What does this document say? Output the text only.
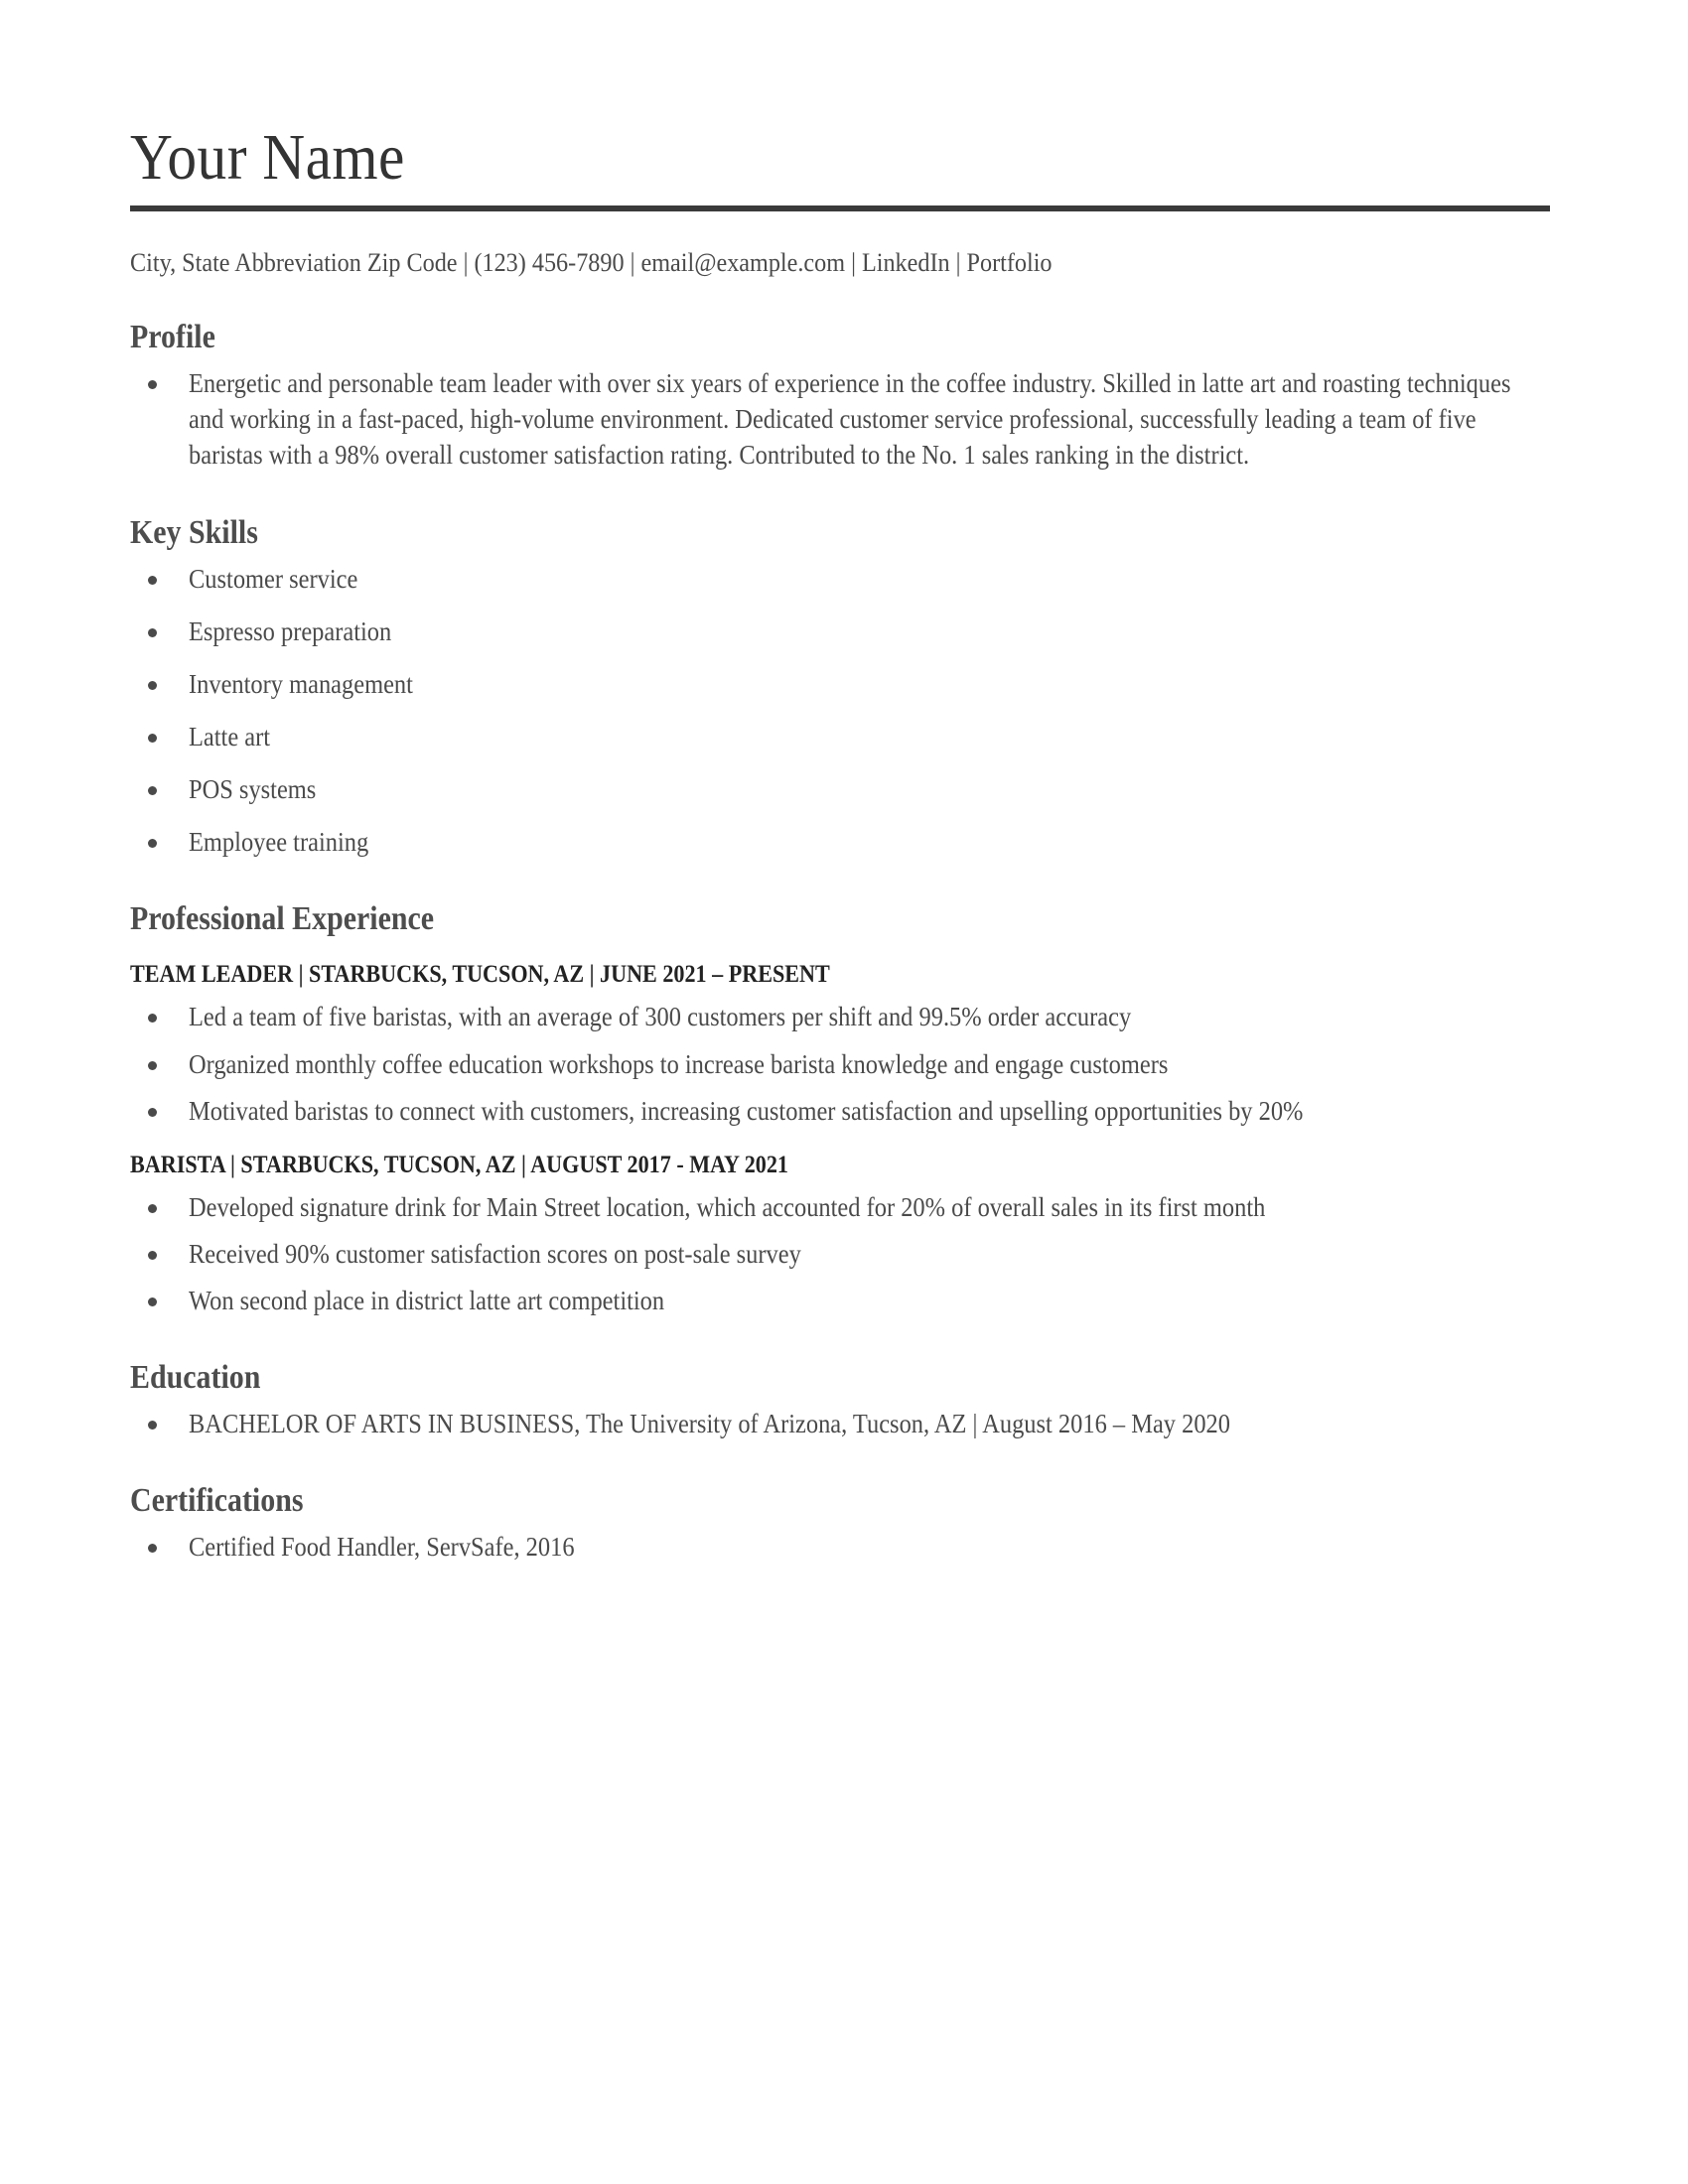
Your Name
City, State Abbreviation Zip Code | (123) 456-7890 | email@example.com | LinkedIn | Portfolio
Profile
Energetic and personable team leader with over six years of experience in the coffee industry. Skilled in latte art and roasting techniques and working in a fast-paced, high-volume environment. Dedicated customer service professional, successfully leading a team of five baristas with a 98% overall customer satisfaction rating. Contributed to the No. 1 sales ranking in the district.
Key Skills
Customer service
Espresso preparation
Inventory management
Latte art
POS systems
Employee training
Professional Experience
TEAM LEADER | STARBUCKS, TUCSON, AZ | JUNE 2021 – PRESENT
Led a team of five baristas, with an average of 300 customers per shift and 99.5% order accuracy
Organized monthly coffee education workshops to increase barista knowledge and engage customers
Motivated baristas to connect with customers, increasing customer satisfaction and upselling opportunities by 20%
BARISTA | STARBUCKS, TUCSON, AZ | AUGUST 2017 - MAY 2021
Developed signature drink for Main Street location, which accounted for 20% of overall sales in its first month
Received 90% customer satisfaction scores on post-sale survey
Won second place in district latte art competition
Education
BACHELOR OF ARTS IN BUSINESS, The University of Arizona, Tucson, AZ | August 2016 – May 2020
Certifications
Certified Food Handler, ServSafe, 2016
